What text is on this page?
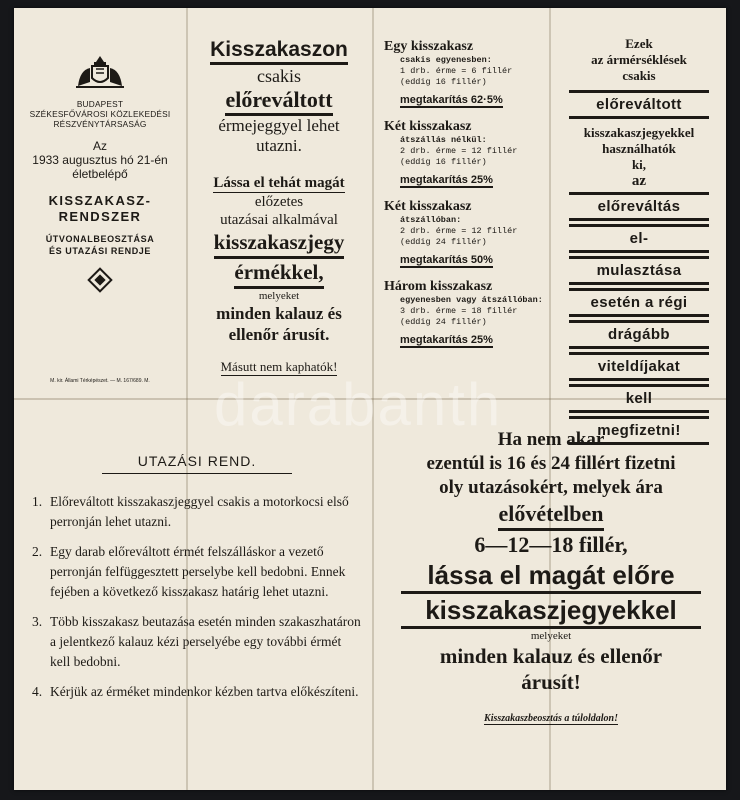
BUDAPEST
SZÉKESFŐVÁROSI KÖZLEKEDÉSI
RÉSZVÉNYTÁRSASÁG
Az
1933 augusztus hó 21-én
életbelépő
KISSZAKASZ-
RENDSZER
ÚTVONALBEOSZTÁSA
ÉS UTAZÁSI RENDJE
M. kir. Állami Térképészet. — M. 167/689. M.
Kisszakaszon
csakis
előreváltott
érmejeggyel lehet
utazni.
Lássa el tehát magát
előzetes
utazásai alkalmával
kisszakaszjegy
érmékkel,
melyeket
minden kalauz és
ellenőr árusít.
Másutt nem kaphatók!
Egy kisszakasz
csakis egyenesben:
1 drb. érme = 6 fillér
(eddig 16 fillér)
megtakarítás 62·5%
Két kisszakasz
átszállás nélkül:
2 drb. érme = 12 fillér
(eddig 16 fillér)
megtakarítás 25%
Két kisszakasz
átszállóban:
2 drb. érme = 12 fillér
(eddig 24 fillér)
megtakarítás 50%
Három kisszakasz
egyenesben vagy átszállóban:
3 drb. érme = 18 fillér
(eddig 24 fillér)
megtakarítás 25%
Ezek
az ármérséklések
csakis
előreváltott
kisszakaszjegyekkel
használhatók
ki,
az
előreváltás
el-
mulasztása
esetén a régi
drágább
viteldíjakat
kell
megfizetni!
UTAZÁSI REND.
1. Előreváltott kisszakaszjeggyel csakis a motorkocsi első perronján lehet utazni.
2. Egy darab előreváltott érmét felszálláskor a vezető perronján felfüggesztett perselybe kell bedobni. Ennek fejében a következő kisszakasz határig lehet utazni.
3. Több kisszakasz beutazása esetén minden szakaszhatáron a jelentkező kalauz kézi perselyébe egy további érmét kell bedobni.
4. Kérjük az érméket mindenkor kézben tartva előkészíteni.
Ha nem akar
ezentúl is 16 és 24 fillért fizetni
oly utazásokért, melyek ára
elővételben
6—12—18 fillér,
lássa el magát előre
kisszakaszjegyekkel
melyeket
minden kalauz és ellenőr
árusít!
Kisszakaszbeosztás a túloldalon!
darabanth
